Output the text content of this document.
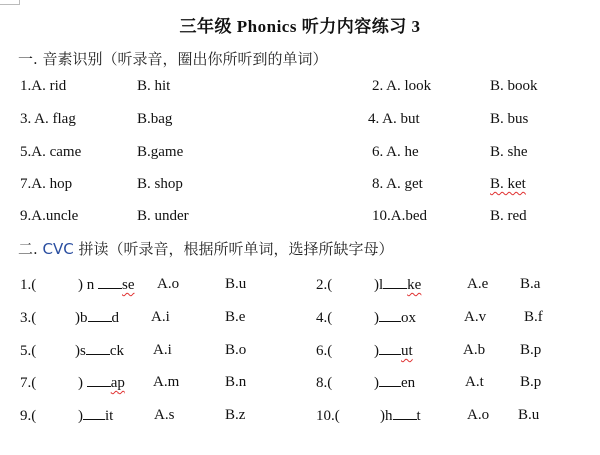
三年级 Phonics 听力内容练习 3
一. 音素识别（听录音，圈出你所听到的单词）
1.A. rid	B. hit	2. A. look	B. book
3. A. flag	B.bag	4. A. but	B. bus
5.A. came	B.game	6. A. he	B. she
7.A. hop	B. shop	8. A. get	B. ket
9.A.uncle	B. under	10.A.bed	B. red
二. CVC 拼读（听录音，根据所听单词，选择所缺字母）
1.(	) n se A.o	B.u
3.(	)b d A.i	B.e
5.(	)s ck A.i	B.o
7.(	) ap A.m	B.n
9.(	) it	A.s	B.z
2.(	)l ke	A.e B.a
4.(	) ox	A.v	B.f
6.(	) ut	A.b B.p
8.(	) en	A.t B.p
10.(	)h t	A.o B.u
